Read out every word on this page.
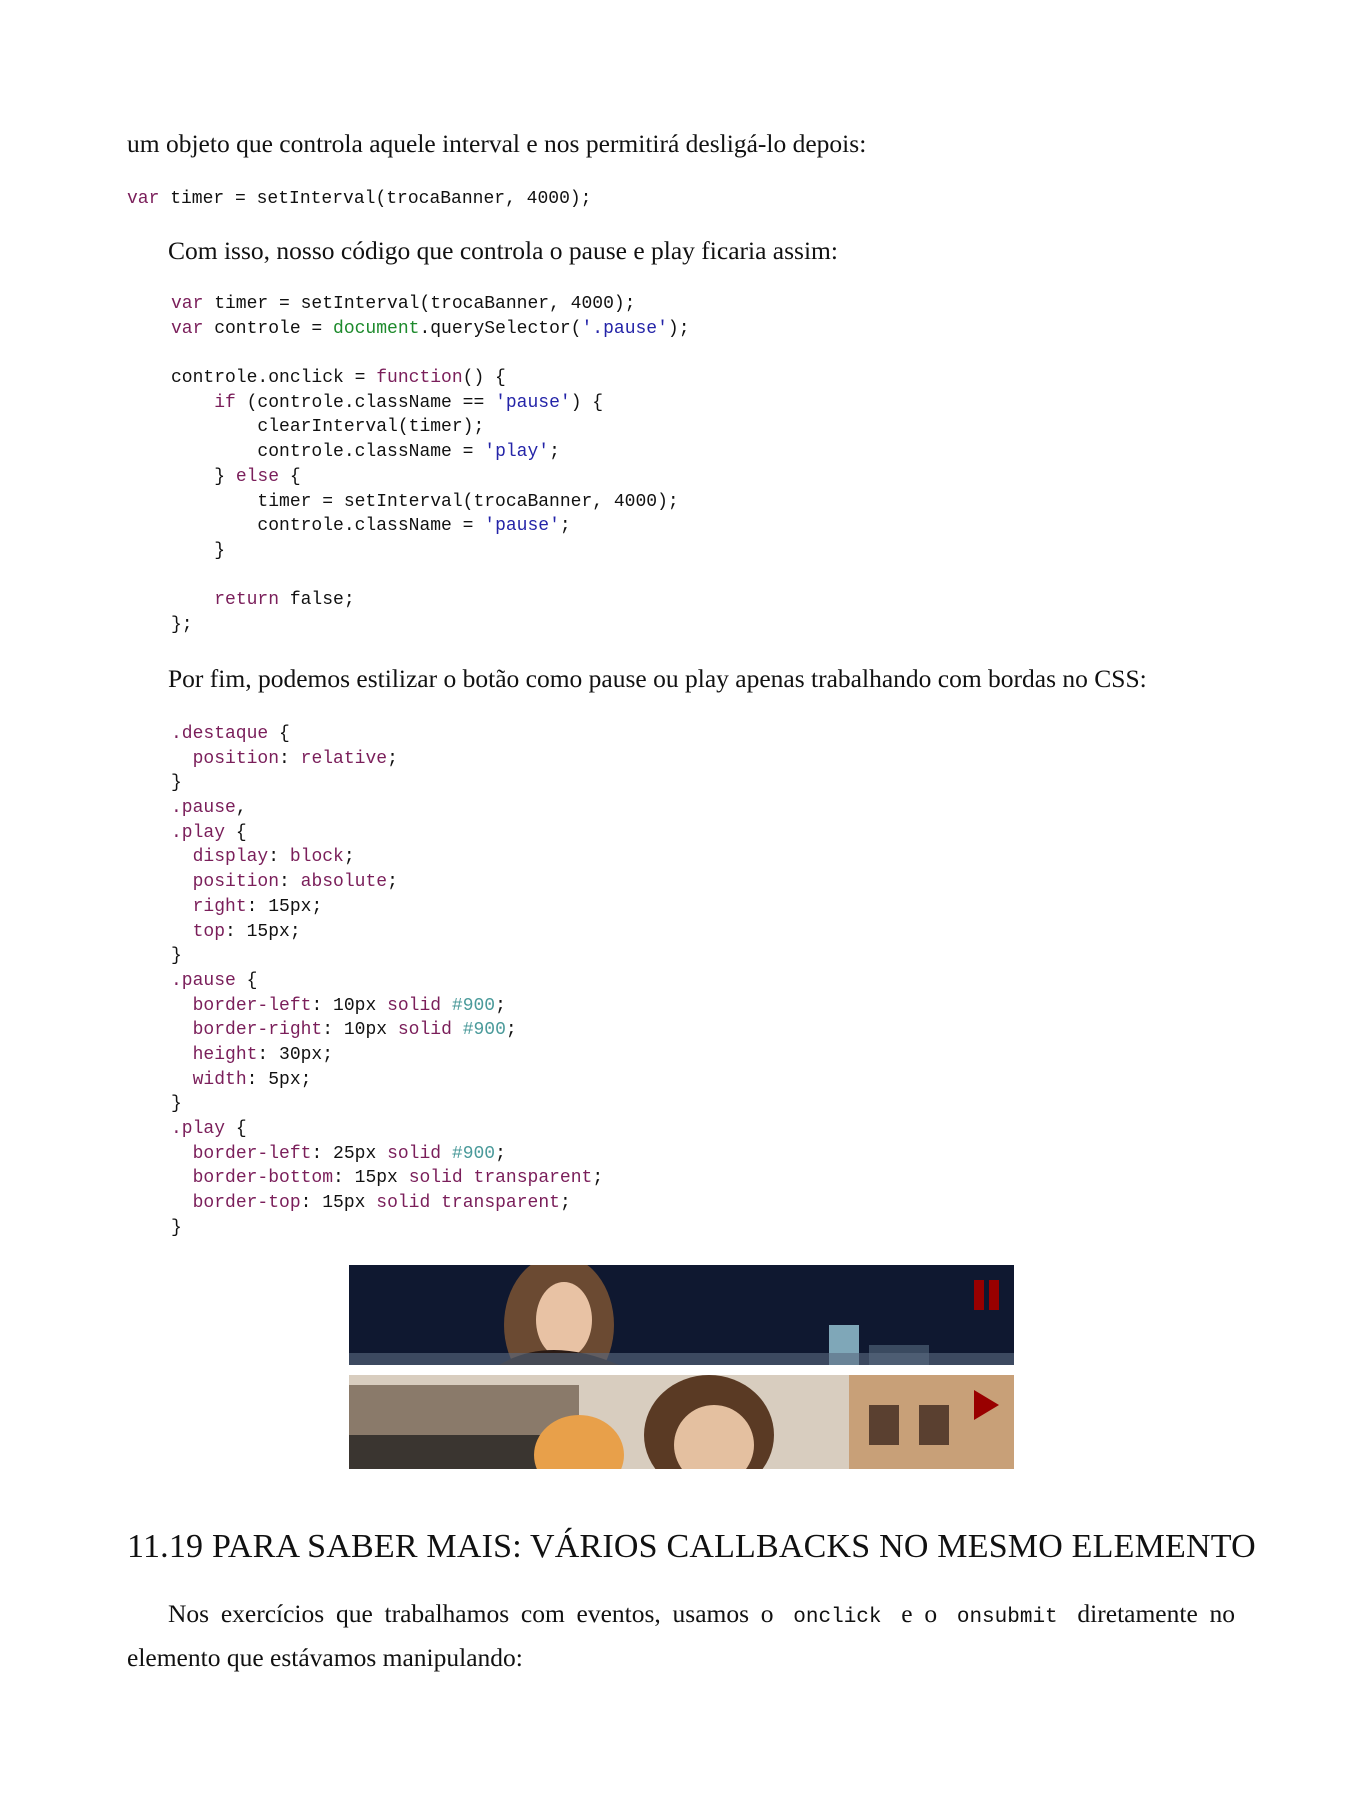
um objeto que controla aquele interval e nos permitirá desligá-lo depois:

var timer = setInterval(trocaBanner, 4000);

Com isso, nosso código que controla o pause e play ficaria assim:

var timer = setInterval(trocaBanner, 4000);
var controle = document.querySelector('.pause');

controle.onclick = function() {
if (controle.className == 'pause') {
clearInterval(timer);
controle.className = 'play';
} else {
timer = setInterval(trocaBanner, 4000);
controle.className = 'pause';
}

return false;
};

Por fim, podemos estilizar o botão como pause ou play apenas trabalhando com bordas no CSS:

.destaque {
position: relative;
}
.pause,
.play {
display: block;
position: absolute;
right: 15px;
top: 15px;
}
.pause {
border-left: 10px solid #900;
border-right: 10px solid #900;
height: 30px;
width: 5px;
}
.play {
border-left: 25px solid #900;
border-bottom: 15px solid transparent;
border-top: 15px solid transparent;
}
11.19 PARA SABER MAIS: VÁRIOS CALLBACKS NO MESMO ELEMENTO

Nos exercícios que trabalhamos com eventos, usamos o onclick e o onsubmit diretamente no elemento que estávamos manipulando:
